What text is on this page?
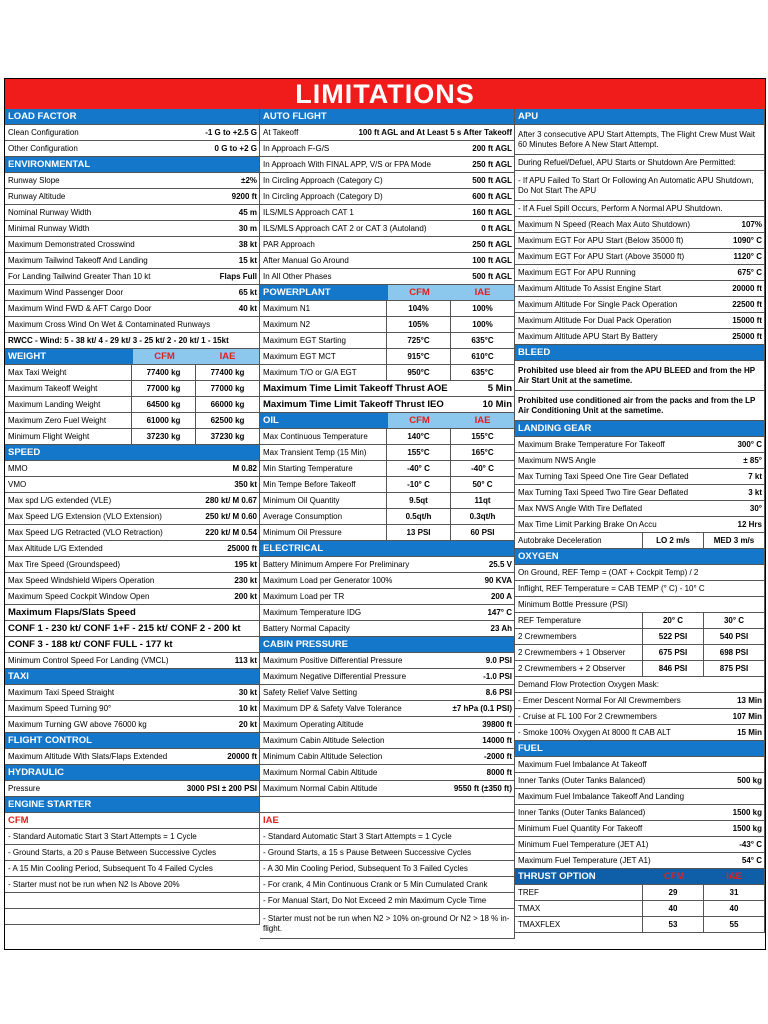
LIMITATIONS
LOAD FACTOR
Clean Configuration	-1 G to +2.5 G
Other Configuration	0 G to +2 G
ENVIRONMENTAL
Runway Slope	±2%
Runway Altitude	9200 ft
Nominal Runway Width	45 m
Minimal Runway Width	30 m
Maximum Demonstrated Crosswind	38 kt
Maximum Tailwind Takeoff And Landing	15 kt
For Landing Tailwind Greater Than 10 kt	Flaps Full
Maximum Wind Passenger Door	65 kt
Maximum Wind FWD & AFT Cargo Door	40 kt
Maximum Cross Wind On Wet & Contaminated Runways
RWCC - Wind: 5 - 38 kt/ 4 - 29 kt/ 3 - 25 kt/ 2 - 20 kt/ 1 - 15kt
WEIGHT	CFM	IAE
Max Taxi Weight	77400 kg	77400 kg
Maximum Takeoff Weight	77000 kg	77000 kg
Maximum Landing Weight	64500 kg	66000 kg
Maximum Zero Fuel Weight	61000 kg	62500 kg
Minimum Flight Weight	37230 kg	37230 kg
SPEED
MMO	M 0.82
VMO	350 kt
Max spd L/G extended (VLE)	280 kt/ M 0.67
Max Speed L/G Extension (VLO Extension)	250 kt/ M 0.60
Max Speed L/G Retracted (VLO Retraction)	220 kt/ M 0.54
Max Altitude L/G Extended	25000 ft
Max Tire Speed (Groundspeed)	195 kt
Max Speed Windshield Wipers Operation	230 kt
Maximum Speed Cockpit Window Open	200 kt
Maximum Flaps/Slats Speed
CONF 1 - 230 kt/ CONF 1+F - 215 kt/ CONF 2 - 200 kt
CONF 3 - 188 kt/ CONF FULL - 177 kt
Minimum Control Speed For Landing (VMCL)	113 kt
TAXI
Maximum Taxi Speed Straight	30 kt
Maximum Speed Turning 90°	10 kt
Maximum Turning GW above 76000 kg	20 kt
FLIGHT CONTROL
Maximum Altitude With Slats/Flaps Extended	20000 ft
HYDRAULIC
Pressure	3000 PSI ± 200 PSI
ENGINE STARTER
CFM
- Standard Automatic Start 3 Start Attempts = 1 Cycle
- Ground Starts, a 20 s Pause Between Successive Cycles
- A 15 Min Cooling Period, Subsequent To 4 Failed Cycles
- Starter must not be run when N2 Is Above 20%
AUTO FLIGHT
At Takeoff	100 ft AGL and At Least 5 s After Takeoff
In Approach F-G/S	200 ft AGL
In Approach With FINAL APP, V/S or FPA Mode	250 ft AGL
In Circling Approach (Category C)	500 ft AGL
In Circling Approach (Category D)	600 ft AGL
ILS/MLS Approach CAT 1	160 ft AGL
ILS/MLS Approach CAT 2 or CAT 3 (Autoland)	0 ft AGL
PAR Approach	250 ft AGL
After Manual Go Around	100 ft AGL
In All Other Phases	500 ft AGL
POWERPLANT	CFM	IAE
Maximum N1	104%	100%
Maximum N2	105%	100%
Maximum EGT Starting	725°C	635°C
Maximum EGT MCT	915°C	610°C
Maximum T/O or G/A EGT	950°C	635°C
Maximum Time Limit Takeoff Thrust AOE	5 Min
Maximum Time Limit Takeoff Thrust IEO	10 Min
OIL	CFM	IAE
Max Continuous Temperature	140°C	155°C
Max Transient Temp (15 Min)	155°C	165°C
Min Starting Temperature	-40° C	-40° C
Min Tempe Before Takeoff	-10° C	50° C
Minimum Oil Quantity	9.5qt	11qt
Average Consumption	0.5qt/h	0.3qt/h
Minimum Oil Pressure	13 PSI	60 PSI
ELECTRICAL
Battery Minimum Ampere For Preliminary	25.5 V
Maximum Load per Generator 100%	90 KVA
Maximum Load per TR	200 A
Maximum Temperature IDG	147° C
Battery Normal Capacity	23 Ah
CABIN PRESSURE
Maximum Positive Differential Pressure	9.0 PSI
Maximum Negative Differential Pressure	-1.0 PSI
Safety Relief Valve Setting	8.6 PSI
Maximum DP & Safety Valve Tolerance	±7 hPa (0.1 PSI)
Maximum Operating Altitude	39800 ft
Maximum Cabin Altitude Selection	14000 ft
Minimum Cabin Altitude Selection	-2000 ft
Maximum Normal Cabin Altitude	8000 ft
Maximum Normal Cabin Altitude	9550 ft (±350 ft)
IAE
- Standard Automatic Start 3 Start Attempts = 1 Cycle
- Ground Starts, a 15 s Pause Between Successive Cycles
- A 30 Min Cooling Period, Subsequent To 3 Failed Cycles
- For crank, 4 Min Continuous Crank or 5 Min Cumulated Crank
- For Manual Start, Do Not Exceed 2 min Maximum Cycle Time
- Starter must not be run when N2 > 10% on-ground Or N2 > 18 % in-flight.
APU
After 3 consecutive APU Start Attempts, The Flight Crew Must Wait 60 Minutes Before A New Start Attempt.
During Refuel/Defuel, APU Starts or Shutdown Are Permitted:
- If APU Failed To Start Or Following An Automatic APU Shutdown, Do Not Start The APU
- If A Fuel Spill Occurs, Perform A Normal APU Shutdown.
Maximum N Speed (Reach Max Auto Shutdown)	107%
Maximum EGT For APU Start (Below 35000 ft)	1090° C
Maximum EGT For APU Start (Above 35000 ft)	1120° C
Maximum EGT For APU Running	675° C
Maximum Altitude To Assist Engine Start	20000 ft
Maximum Altitude For Single Pack Operation	22500 ft
Maximum Altitude For Dual Pack Operation	15000 ft
Maximum Altitude APU Start By Battery	25000 ft
BLEED
Prohibited use bleed air from the APU BLEED and from the HP Air Start Unit at the sametime.
Prohibited use conditioned air from the packs and from the LP Air Conditioning Unit at the sametime.
LANDING GEAR
Maximum Brake Temperature For Takeoff	300° C
Maximum NWS Angle	± 85°
Max Turning Taxi Speed One Tire Gear Deflated	7 kt
Max Turning Taxi Speed Two Tire Gear Deflated	3 kt
Max NWS Angle With Tire Deflated	30°
Max Time Limit Parking Brake On Accu	12 Hrs
Autobrake Deceleration	LO 2 m/s	MED 3 m/s
OXYGEN
On Ground, REF Temp = (OAT + Cockpit Temp) / 2
Inflight, REF Temperature = CAB TEMP (° C) - 10° C
Minimum Bottle Pressure (PSI)
REF Temperature	20° C	30° C
2 Crewmembers	522 PSI	540 PSI
2 Crewmembers + 1 Observer	675 PSI	698 PSI
2 Crewmembers + 2 Observer	846 PSI	875 PSI
Demand Flow Protection Oxygen Mask:
- Emer Descent Normal For All Crewmembers	13 Min
- Cruise at FL 100 For 2 Crewmembers	107 Min
- Smoke 100% Oxygen At 8000 ft CAB ALT	15 Min
FUEL
Maximum Fuel Imbalance At Takeoff
Inner Tanks (Outer Tanks Balanced)	500 kg
Maximum Fuel Imbalance Takeoff And Landing
Inner Tanks (Outer Tanks Balanced)	1500 kg
Minimum Fuel Quantity For Takeoff	1500 kg
Minimum Fuel Temperature (JET A1)	-43° C
Maximum Fuel Temperature (JET A1)	54° C
THRUST OPTION	CFM	IAE
TREF	29	31
TMAX	40	40
TMAXFLEX	53	55
